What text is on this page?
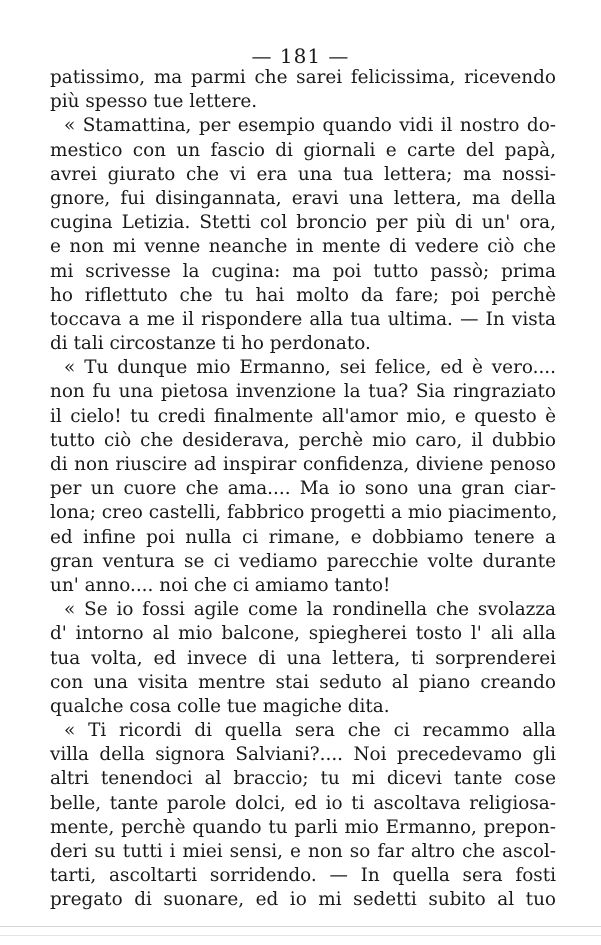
— 181 —
patissimo, ma parmi che sarei felicissima, ricevendo
più spesso tue lettere.
« Stamattina, per esempio quando vidi il nostro do-
mestico con un fascio di giornali e carte del papà,
avrei giurato che vi era una tua lettera; ma nossi-
gnore, fui disingannata, eravi una lettera, ma della
cugina Letizia. Stetti col broncio per più di un' ora,
e non mi venne neanche in mente di vedere ciò che
mi scrivesse la cugina: ma poi tutto passò; prima
ho riflettuto che tu hai molto da fare; poi perchè
toccava a me il rispondere alla tua ultima. — In vista
di tali circostanze ti ho perdonato.
« Tu dunque mio Ermanno, sei felice, ed è vero....
non fu una pietosa invenzione la tua? Sia ringraziato
il cielo! tu credi finalmente all'amor mio, e questo è
tutto ciò che desiderava, perchè mio caro, il dubbio
di non riuscire ad inspirar confidenza, diviene penoso
per un cuore che ama.... Ma io sono una gran ciar-
lona; creo castelli, fabbrico progetti a mio piacimento,
ed infine poi nulla ci rimane, e dobbiamo tenere a
gran ventura se ci vediamo parecchie volte durante
un' anno.... noi che ci amiamo tanto!
« Se io fossi agile come la rondinella che svolazza
d' intorno al mio balcone, spiegherei tosto l' ali alla
tua volta, ed invece di una lettera, ti sorprenderei
con una visita mentre stai seduto al piano creando
qualche cosa colle tue magiche dita.
« Ti ricordi di quella sera che ci recammo alla
villa della signora Salviani?.... Noi precedevamo gli
altri tenendoci al braccio; tu mi dicevi tante cose
belle, tante parole dolci, ed io ti ascoltava religiosa-
mente, perchè quando tu parli mio Ermanno, prepon-
deri su tutti i miei sensi, e non so far altro che ascol-
tarti, ascoltarti sorridendo. — In quella sera fosti
pregato di suonare, ed io mi sedetti subito al tuo
